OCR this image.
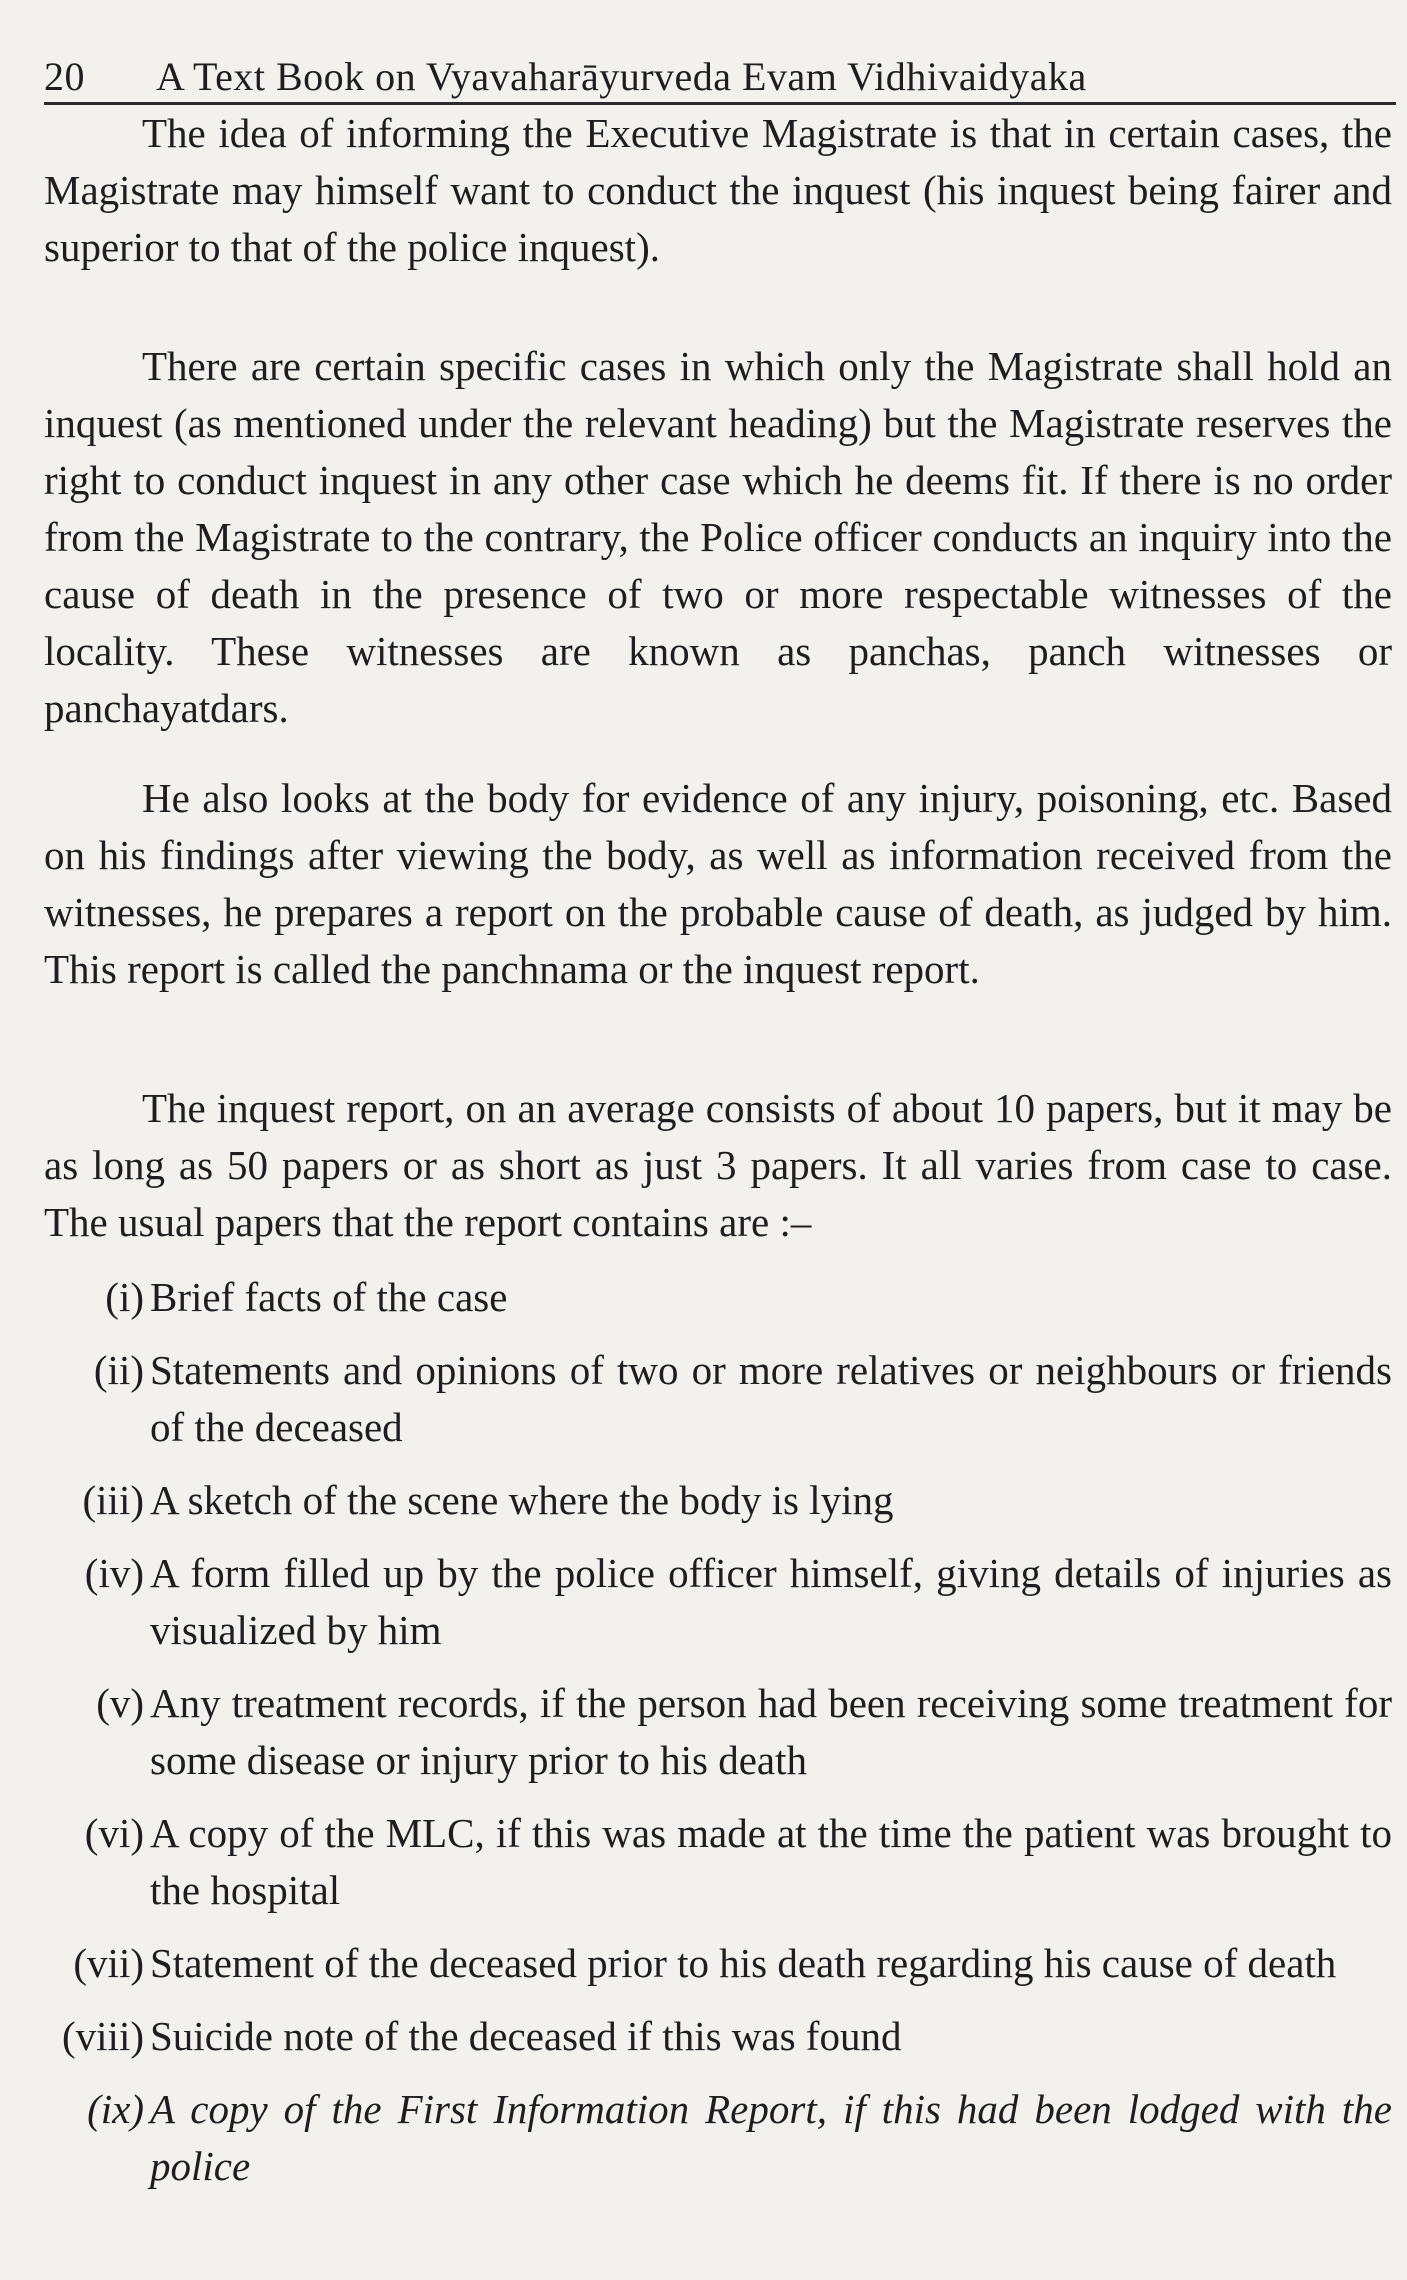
20 A Text Book on Vyavaharāyurveda Evam Vidhivaidyaka

The idea of informing the Executive Magistrate is that in certain cases, the Magistrate may himself want to conduct the inquest (his inquest being fairer and superior to that of the police inquest).

There are certain specific cases in which only the Magistrate shall hold an inquest (as mentioned under the relevant heading) but the Magistrate reserves the right to conduct inquest in any other case which he deems fit. If there is no order from the Magistrate to the contrary, the Police officer conducts an inquiry into the cause of death in the presence of two or more respectable witnesses of the locality. These witnesses are known as panchas, panch witnesses or panchayatdars.

He also looks at the body for evidence of any injury, poisoning, etc. Based on his findings after viewing the body, as well as information received from the witnesses, he prepares a report on the probable cause of death, as judged by him. This report is called the panchnama or the inquest report.

The inquest report, on an average consists of about 10 papers, but it may be as long as 50 papers or as short as just 3 papers. It all varies from case to case. The usual papers that the report contains are :–

(i) Brief facts of the case
(ii) Statements and opinions of two or more relatives or neighbours or friends of the deceased
(iii) A sketch of the scene where the body is lying
(iv) A form filled up by the police officer himself, giving details of injuries as visualized by him
(v) Any treatment records, if the person had been receiving some treatment for some disease or injury prior to his death
(vi) A copy of the MLC, if this was made at the time the patient was brought to the hospital
(vii) Statement of the deceased prior to his death regarding his cause of death
(viii) Suicide note of the deceased if this was found
(ix) A copy of the First Information Report, if this had been lodged with the police
